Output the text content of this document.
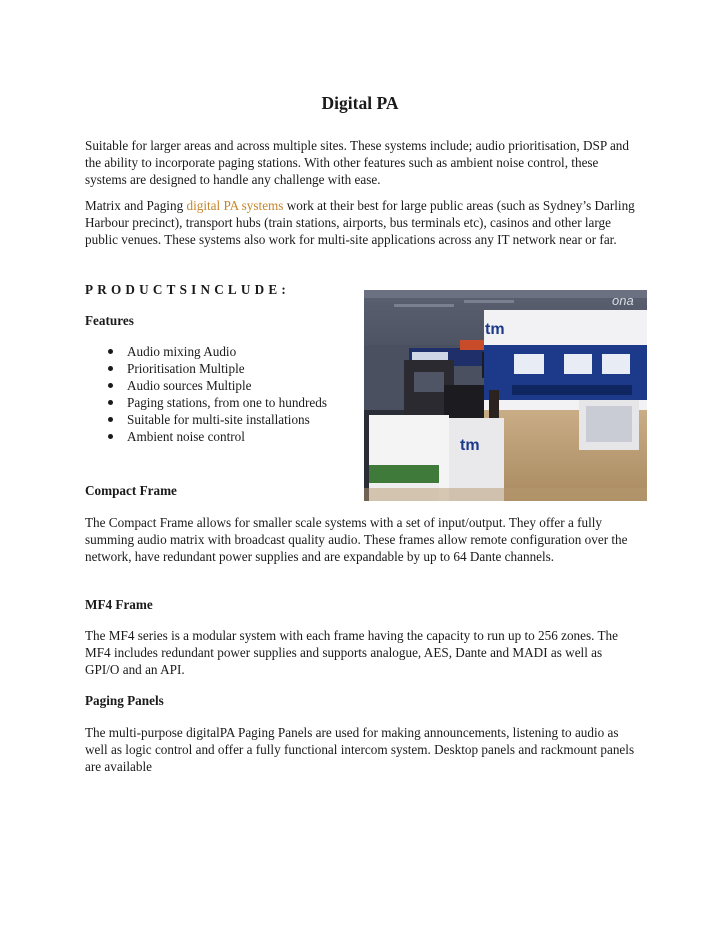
Digital PA

Suitable for larger areas and across multiple sites. These systems include; audio prioritisation, DSP and the ability to incorporate paging stations. With other features such as ambient noise control, these systems are designed to handle any challenge with ease.

Matrix and Paging digital PA systems work at their best for large public areas (such as Sydney’s Darling Harbour precinct), transport hubs (train stations, airports, bus terminals etc), casinos and other large public venues. These systems also work for multi-site applications across any IT network near or far.

PRODUCTSINCLUDE:

Features

Audio mixing Audio
Prioritisation Multiple
Audio sources Multiple
Paging stations, from one to hundreds
Suitable for multi-site installations
Ambient noise control
tm
tm
ona

Compact Frame

The Compact Frame allows for smaller scale systems with a set of input/output. They offer a fully summing audio matrix with broadcast quality audio. These frames allow remote configuration over the network, have redundant power supplies and are expandable by up to 64 Dante channels.

MF4 Frame

The MF4 series is a modular system with each frame having the capacity to run up to 256 zones. The MF4 includes redundant power supplies and supports analogue, AES, Dante and MADI as well as GPI/O and an API.

Paging Panels

The multi-purpose digitalPA Paging Panels are used for making announcements, listening to audio as well as logic control and offer a fully functional intercom system. Desktop panels and rackmount panels are available
